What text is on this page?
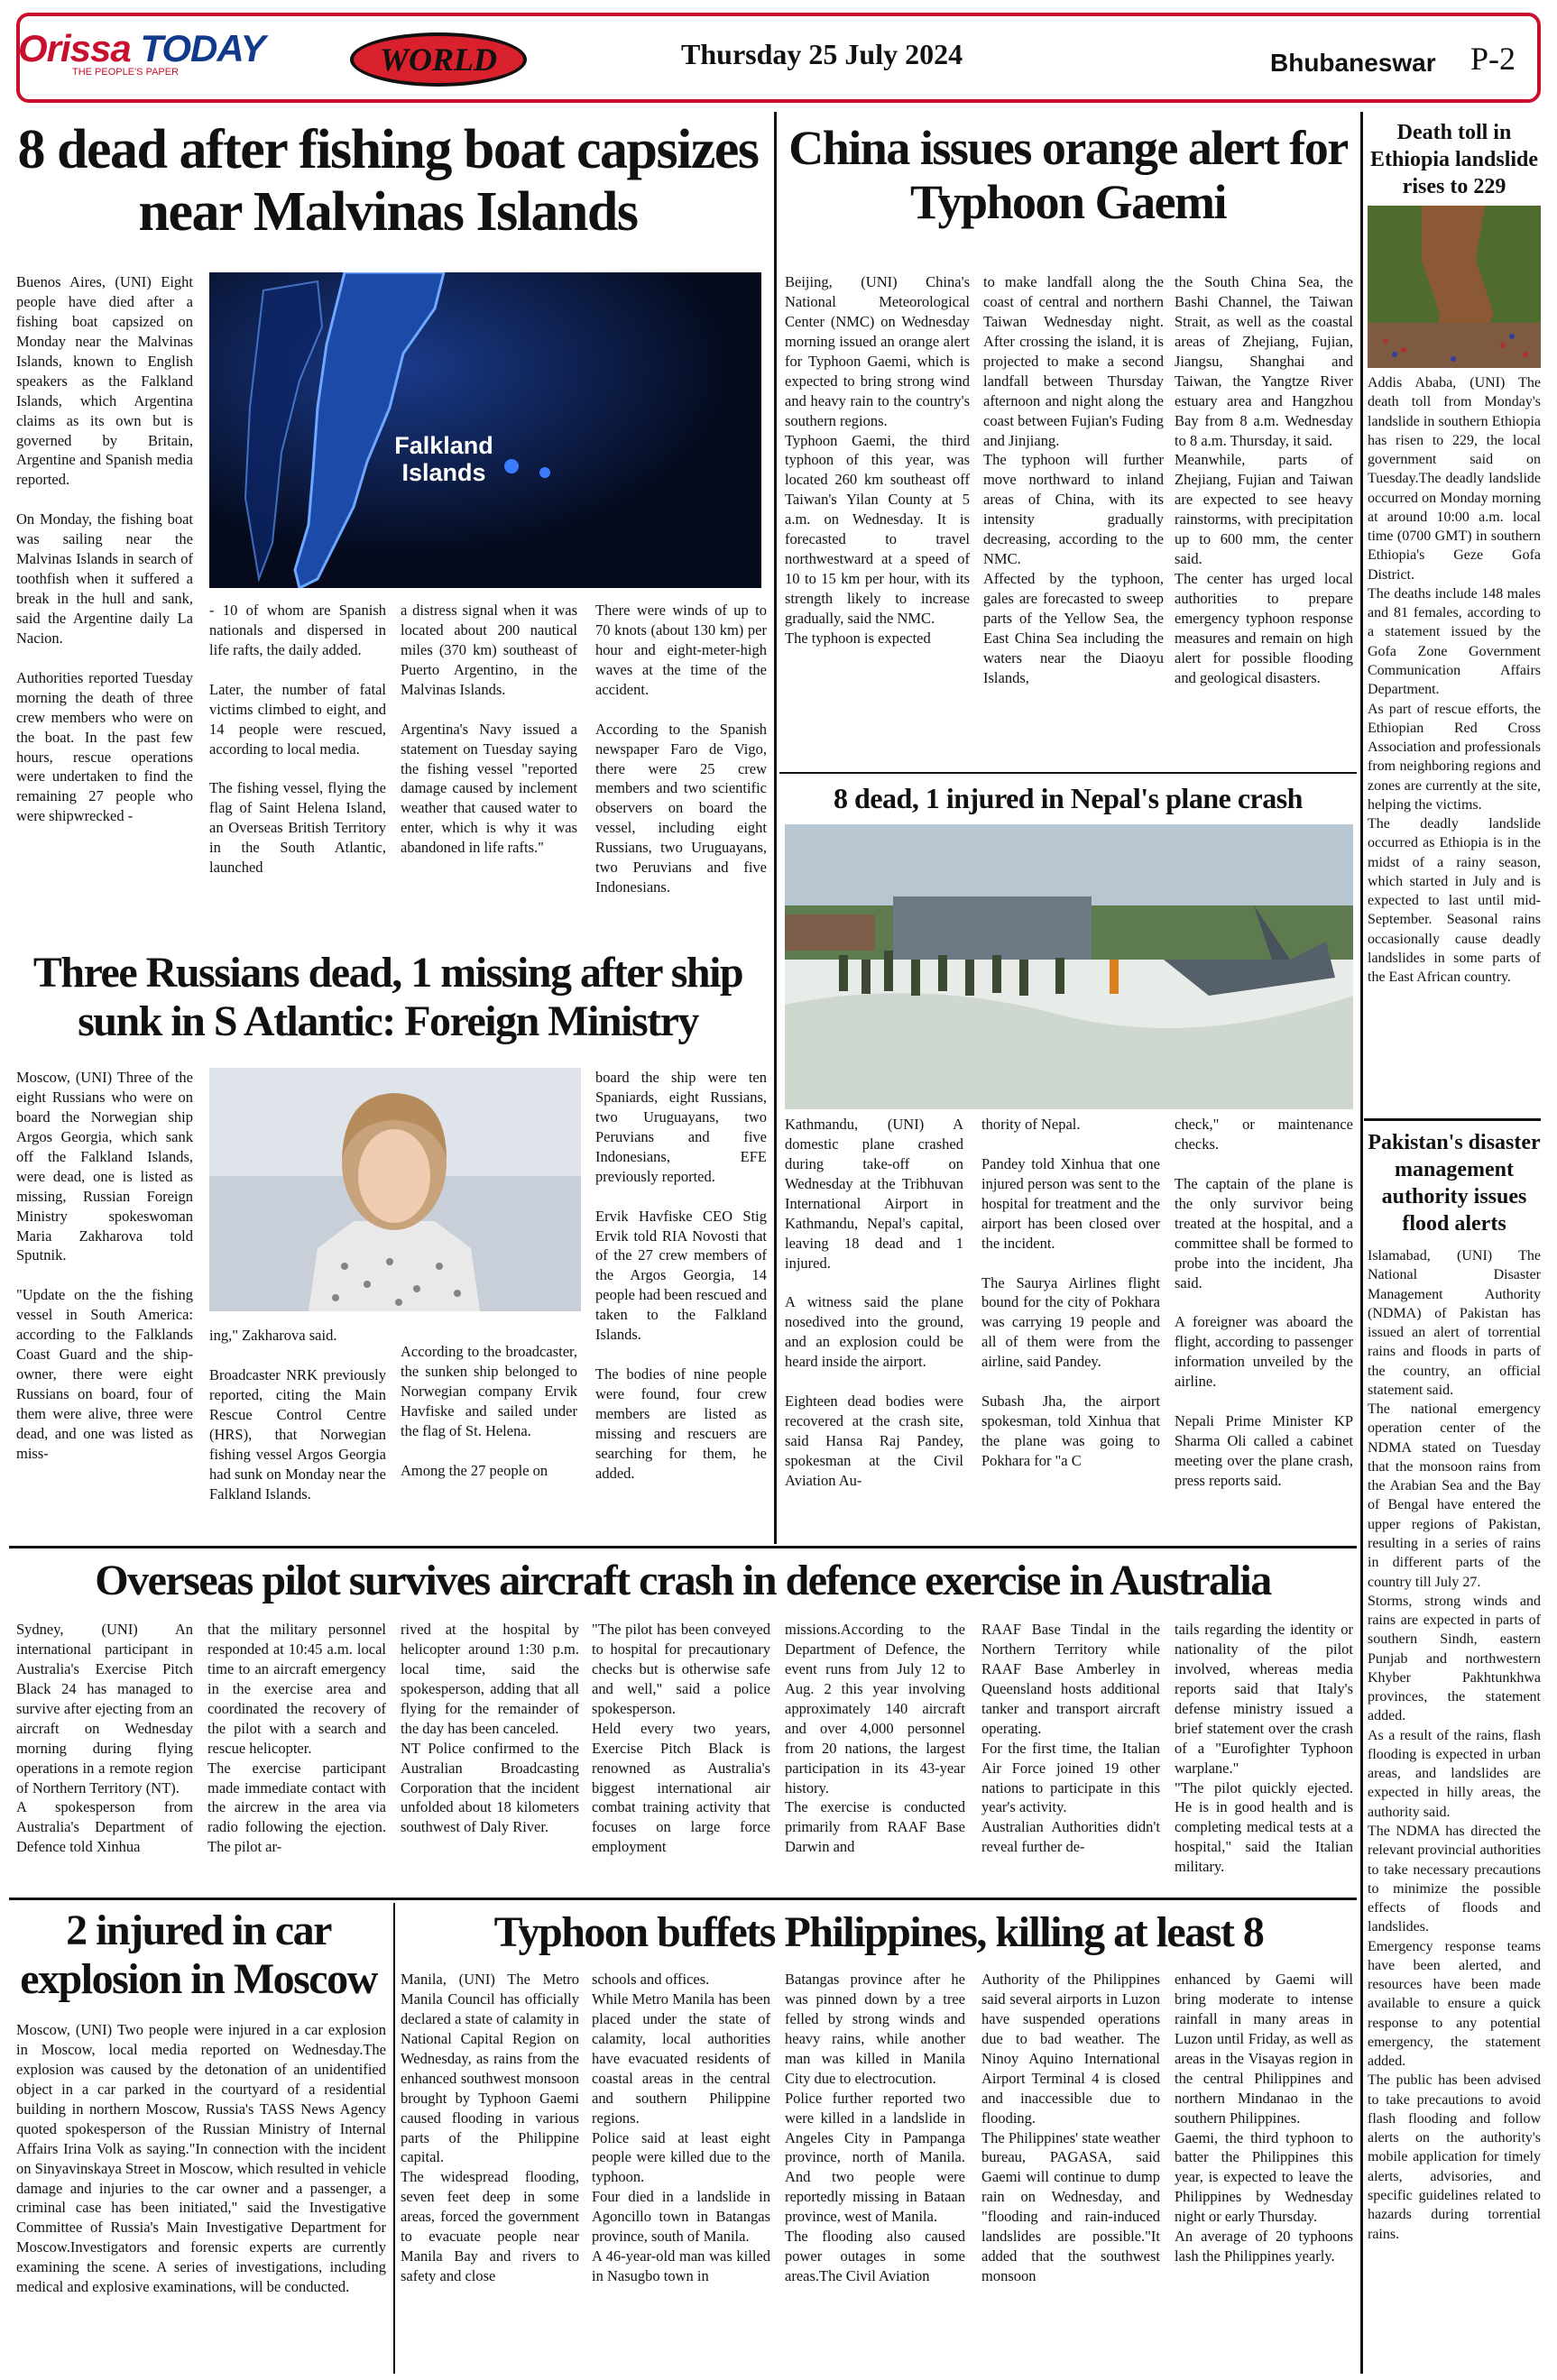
Orissa TODAY
THE PEOPLE'S PAPER	WORLD	Thursday 25 July 2024	Bhubaneswar P-2
8 dead after fishing boat capsizes near Malvinas Islands
Buenos Aires, (UNI) Eight people have died after a fishing boat capsized on Monday near the Malvinas Islands, known to English speakers as the Falkland Islands, which Argentina claims as its own but is governed by Britain, Argentine and Spanish media reported.

On Monday, the fishing boat was sailing near the Malvinas Islands in search of toothfish when it suffered a break in the hull and sank, said the Argentine daily La Nacion.

Authorities reported Tuesday morning the death of three crew members who were on the boat. In the past few hours, rescue operations were undertaken to find the remaining 27 people who were shipwrecked -
Falkland Islands
- 10 of whom are Spanish nationals and dispersed in life rafts, the daily added.

Later, the number of fatal victims climbed to eight, and 14 people were rescued, according to local media.

The fishing vessel, flying the flag of Saint Helena Island, an Overseas British Territory in the South Atlantic, launched
a distress signal when it was located about 200 nautical miles (370 km) southeast of Puerto Argentino, in the Malvinas Islands.

Argentina's Navy issued a statement on Tuesday saying the fishing vessel "reported damage caused by inclement weather that caused water to enter, which is why it was abandoned in life rafts."
There were winds of up to 70 knots (about 130 km) per hour and eight-meter-high waves at the time of the accident.

According to the Spanish newspaper Faro de Vigo, there were 25 crew members and two scientific observers on board the vessel, including eight Russians, two Uruguayans, two Peruvians and five Indonesians.
Three Russians dead, 1 missing after ship sunk in S Atlantic: Foreign Ministry
Moscow, (UNI) Three of the eight Russians who were on board the Norwegian ship Argos Georgia, which sank off the Falkland Islands, were dead, one is listed as missing, Russian Foreign Ministry spokeswoman Maria Zakharova told Sputnik.

"Update on the the fishing vessel in South America: according to the Falklands Coast Guard and the ship-owner, there were eight Russians on board, four of them were alive, three were dead, and one was listed as miss-
ing," Zakharova said.

Broadcaster NRK previously reported, citing the Main Rescue Control Centre (HRS), that Norwegian fishing vessel Argos Georgia had sunk on Monday near the Falkland Islands.
According to the broadcaster, the sunken ship belonged to Norwegian company Ervik Havfiske and sailed under the flag of St. Helena.

Among the 27 people on
board the ship were ten Spaniards, eight Russians, two Uruguayans, two Peruvians and five Indonesians, EFE previously reported.

Ervik Havfiske CEO Stig Ervik told RIA Novosti that of the 27 crew members of the Argos Georgia, 14 people had been rescued and taken to the Falkland Islands.

The bodies of nine people were found, four crew members are listed as missing and rescuers are searching for them, he added.
China issues orange alert for Typhoon Gaemi
Beijing, (UNI) China's National Meteorological Center (NMC) on Wednesday morning issued an orange alert for Typhoon Gaemi, which is expected to bring strong wind and heavy rain to the country's southern regions.
Typhoon Gaemi, the third typhoon of this year, was located 260 km southeast off Taiwan's Yilan County at 5 a.m. on Wednesday. It is forecasted to travel northwestward at a speed of 10 to 15 km per hour, with its strength likely to increase gradually, said the NMC.
The typhoon is expected
to make landfall along the coast of central and northern Taiwan Wednesday night. After crossing the island, it is projected to make a second landfall between Thursday afternoon and night along the coast between Fujian's Fuding and Jinjiang.
The typhoon will further move northward to inland areas of China, with its intensity gradually decreasing, according to the NMC.
Affected by the typhoon, gales are forecasted to sweep parts of the Yellow Sea, the East China Sea including the waters near the Diaoyu Islands,
the South China Sea, the Bashi Channel, the Taiwan Strait, as well as the coastal areas of Zhejiang, Fujian, Jiangsu, Shanghai and Taiwan, the Yangtze River estuary area and Hangzhou Bay from 8 a.m. Wednesday to 8 a.m. Thursday, it said.
Meanwhile, parts of Zhejiang, Fujian and Taiwan are expected to see heavy rainstorms, with precipitation up to 600 mm, the center said.
The center has urged local authorities to prepare emergency typhoon response measures and remain on high alert for possible flooding and geological disasters.
8 dead, 1 injured in Nepal's plane crash
Kathmandu, (UNI) A domestic plane crashed during take-off on Wednesday at the Tribhuvan International Airport in Kathmandu, Nepal's capital, leaving 18 dead and 1 injured.

A witness said the plane nosedived into the ground, and an explosion could be heard inside the airport.

Eighteen dead bodies were recovered at the crash site, said Hansa Raj Pandey, spokesman at the Civil Aviation Au-
thority of Nepal.

Pandey told Xinhua that one injured person was sent to the hospital for treatment and the airport has been closed over the incident.

The Saurya Airlines flight bound for the city of Pokhara was carrying 19 people and all of them were from the airline, said Pandey.

Subash Jha, the airport spokesman, told Xinhua that the plane was going to Pokhara for "a C
check," or maintenance checks.

The captain of the plane is the only survivor being treated at the hospital, and a committee shall be formed to probe into the incident, Jha said.

A foreigner was aboard the flight, according to passenger information unveiled by the airline.

Nepali Prime Minister KP Sharma Oli called a cabinet meeting over the plane crash, press reports said.
Death toll in Ethiopia landslide rises to 229
Addis Ababa, (UNI) The death toll from Monday's landslide in southern Ethiopia has risen to 229, the local government said on Tuesday.The deadly landslide occurred on Monday morning at around 10:00 a.m. local time (0700 GMT) in southern Ethiopia's Geze Gofa District.
The deaths include 148 males and 81 females, according to a statement issued by the Gofa Zone Government Communication Affairs Department.
As part of rescue efforts, the Ethiopian Red Cross Association and professionals from neighboring regions and zones are currently at the site, helping the victims.
The deadly landslide occurred as Ethiopia is in the midst of a rainy season, which started in July and is expected to last until mid-September. Seasonal rains occasionally cause deadly landslides in some parts of the East African country.
Pakistan's disaster management authority issues flood alerts
Islamabad, (UNI) The National Disaster Management Authority (NDMA) of Pakistan has issued an alert of torrential rains and floods in parts of the country, an official statement said.
The national emergency operation center of the NDMA stated on Tuesday that the monsoon rains from the Arabian Sea and the Bay of Bengal have entered the upper regions of Pakistan, resulting in a series of rains in different parts of the country till July 27.
Storms, strong winds and rains are expected in parts of southern Sindh, eastern Punjab and northwestern Khyber Pakhtunkhwa provinces, the statement added.
As a result of the rains, flash flooding is expected in urban areas, and landslides are expected in hilly areas, the authority said.
The NDMA has directed the relevant provincial authorities to take necessary precautions to minimize the possible effects of floods and landslides.
Emergency response teams have been alerted, and resources have been made available to ensure a quick response to any potential emergency, the statement added.
The public has been advised to take precautions to avoid flash flooding and follow alerts on the authority's mobile application for timely alerts, advisories, and specific guidelines related to hazards during torrential rains.
Overseas pilot survives aircraft crash in defence exercise in Australia
Sydney, (UNI) An international participant in Australia's Exercise Pitch Black 24 has managed to survive after ejecting from an aircraft on Wednesday morning during flying operations in a remote region of Northern Territory (NT).
A spokesperson from Australia's Department of Defence told Xinhua
that the military personnel responded at 10:45 a.m. local time to an aircraft emergency in the exercise area and coordinated the recovery of the pilot with a search and rescue helicopter.
The exercise participant made immediate contact with the aircrew in the area via radio following the ejection. The pilot ar-
rived at the hospital by helicopter around 1:30 p.m. local time, said the spokesperson, adding that all flying for the remainder of the day has been canceled.
NT Police confirmed to the Australian Broadcasting Corporation that the incident unfolded about 18 kilometers southwest of Daly River.
"The pilot has been conveyed to hospital for precautionary checks but is otherwise safe and well," said a police spokesperson.
Held every two years, Exercise Pitch Black is renowned as Australia's biggest international air combat training activity that focuses on large force employment
missions.According to the Department of Defence, the event runs from July 12 to Aug. 2 this year involving approximately 140 aircraft and over 4,000 personnel from 20 nations, the largest participation in its 43-year history.
The exercise is conducted primarily from RAAF Base Darwin and
RAAF Base Tindal in the Northern Territory while RAAF Base Amberley in Queensland hosts additional tanker and transport aircraft operating.
For the first time, the Italian Air Force joined 19 other nations to participate in this year's activity.
Australian Authorities didn't reveal further de-
tails regarding the identity or nationality of the pilot involved, whereas media reports said that Italy's defense ministry issued a brief statement over the crash of a "Eurofighter Typhoon warplane."
"The pilot quickly ejected. He is in good health and is completing medical tests at a hospital," said the Italian military.
2 injured in car explosion in Moscow
Moscow, (UNI) Two people were injured in a car explosion in Moscow, local media reported on Wednesday.The explosion was caused by the detonation of an unidentified object in a car parked in the courtyard of a residential building in northern Moscow, Russia's TASS News Agency quoted spokesperson of the Russian Ministry of Internal Affairs Irina Volk as saying."In connection with the incident on Sinyavinskaya Street in Moscow, which resulted in vehicle damage and injuries to the car owner and a passenger, a criminal case has been initiated," said the Investigative Committee of Russia's Main Investigative Department for Moscow.Investigators and forensic experts are currently examining the scene. A series of investigations, including medical and explosive examinations, will be conducted.
Typhoon buffets Philippines, killing at least 8
Manila, (UNI) The Metro Manila Council has officially declared a state of calamity in National Capital Region on Wednesday, as rains from the enhanced southwest monsoon brought by Typhoon Gaemi caused flooding in various parts of the Philippine capital.
The widespread flooding, seven feet deep in some areas, forced the government to evacuate people near Manila Bay and rivers to safety and close
schools and offices.
While Metro Manila has been placed under the state of calamity, local authorities have evacuated residents of coastal areas in the central and southern Philippine regions.
Police said at least eight people were killed due to the typhoon.
Four died in a landslide in Agoncillo town in Batangas province, south of Manila.
A 46-year-old man was killed in Nasugbo town in
Batangas province after he was pinned down by a tree felled by strong winds and heavy rains, while another man was killed in Manila City due to electrocution.
Police further reported two were killed in a landslide in Angeles City in Pampanga province, north of Manila. And two people were reportedly missing in Bataan province, west of Manila.
The flooding also caused power outages in some areas.The Civil Aviation
Authority of the Philippines said several airports in Luzon have suspended operations due to bad weather. The Ninoy Aquino International Airport Terminal 4 is closed and inaccessible due to flooding.
The Philippines' state weather bureau, PAGASA, said Gaemi will continue to dump rain on Wednesday, and "flooding and rain-induced landslides are possible."It added that the southwest monsoon
enhanced by Gaemi will bring moderate to intense rainfall in many areas in Luzon until Friday, as well as areas in the Visayas region in the central Philippines and northern Mindanao in the southern Philippines.
Gaemi, the third typhoon to batter the Philippines this year, is expected to leave the Philippines by Wednesday night or early Thursday.
An average of 20 typhoons lash the Philippines yearly.
